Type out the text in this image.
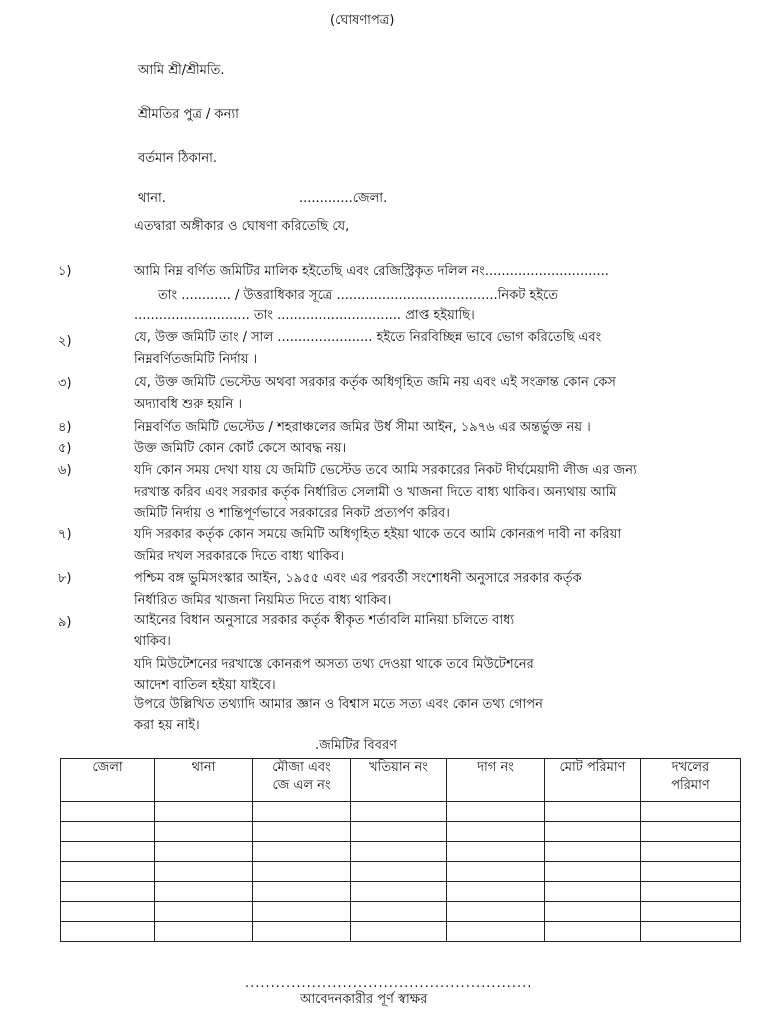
(ঘোষণাপত্র)
আমি শ্রী/শ্রীমতি.
শ্রীমতির পুত্র / কন্যা
বর্তমান ঠিকানা.
থানা.	.............জেলা.
এতদ্বারা অঙ্গীকার ও ঘোষণা করিতেছি যে,
১)	আমি নিম্ন বর্ণিত জমিটির মালিক হইতেছি এবং রেজিস্ট্রিকৃত দলিল নং..............................
তাং ............ / উত্তরাধিকার সূত্রে .......................................নিকট হইতে
............................ তাং .............................. প্রাপ্ত হইয়াছি।
২)	যে, উক্ত জমিটি তাং / সাল ....................... হইতে নিরবিচ্ছিন্ন ভাবে ভোগ করিতেছি এবং
নিম্নবর্ণিতজমিটি নির্দায় ।
৩)	যে, উক্ত জমিটি ভেস্টেড অথবা সরকার কর্তৃক অধিগৃহিত জমি নয় এবং এই সংক্রান্ত কোন কেস
অদ্যাবধি শুরু হয়নি ।
৪)	নিম্নবর্ণিত জমিটি ভেস্টেড / শহরাঞ্চলের জমির উর্ধ সীমা আইন, ১৯৭৬ এর অন্তর্ভুক্ত নয় ।
৫)	উক্ত জমিটি কোন কোর্ট কেসে আবদ্ধ নয়।
৬)	যদি কোন সময় দেখা যায় যে জমিটি ভেস্টেড তবে আমি সরকারের নিকট দীর্ঘমেয়াদী লীজ এর জন্য
দরখাস্ত করিব এবং সরকার কর্তৃক নির্ধারিত সেলামী ও খাজনা দিতে বাধ্য থাকিব। অন্যথায় আমি
জমিটি নির্দায় ও শান্তিপূর্ণভাবে সরকারের নিকট প্রত্যর্পণ করিব।
৭)	যদি সরকার কর্তৃক কোন সময়ে জমিটি অধিগৃহিত হইয়া থাকে তবে আমি কোনরূপ দাবী না করিয়া
জমির দখল সরকারকে দিতে বাধ্য থাকিব।
৮)	পশ্চিম বঙ্গ ভুমিসংস্কার আইন, ১৯৫৫ এবং এর পরবর্তী সংশোধনী অনুসারে সরকার কর্তৃক
নির্ধারিত জমির খাজনা নিয়মিত দিতে বাধ্য থাকিব।
৯)	আইনের বিধান অনুসারে সরকার কর্তৃক স্বীকৃত শর্তাবলি মানিয়া চলিতে বাধ্য
থাকিব।
যদি মিউটেশনের দরখাস্তে কোনরূপ অসত্য তথ্য দেওয়া থাকে তবে মিউটেশনের
আদেশ বাতিল হইয়া যাইবে।
উপরে উল্লিখিত তথ্যাদি আমার জ্ঞান ও বিশ্বাস মতে সত্য এবং কোন তথ্য গোপন
করা হয় নাই।
.জমিটির বিবরণ
জেলা	থানা	মৌজা এবং
জে এল নং	খতিয়ান নং	দাগ নং	মোট পরিমাণ	দখলের
পরিমাণ

........................................................
আবেদনকারীর পূর্ণ স্বাক্ষর
